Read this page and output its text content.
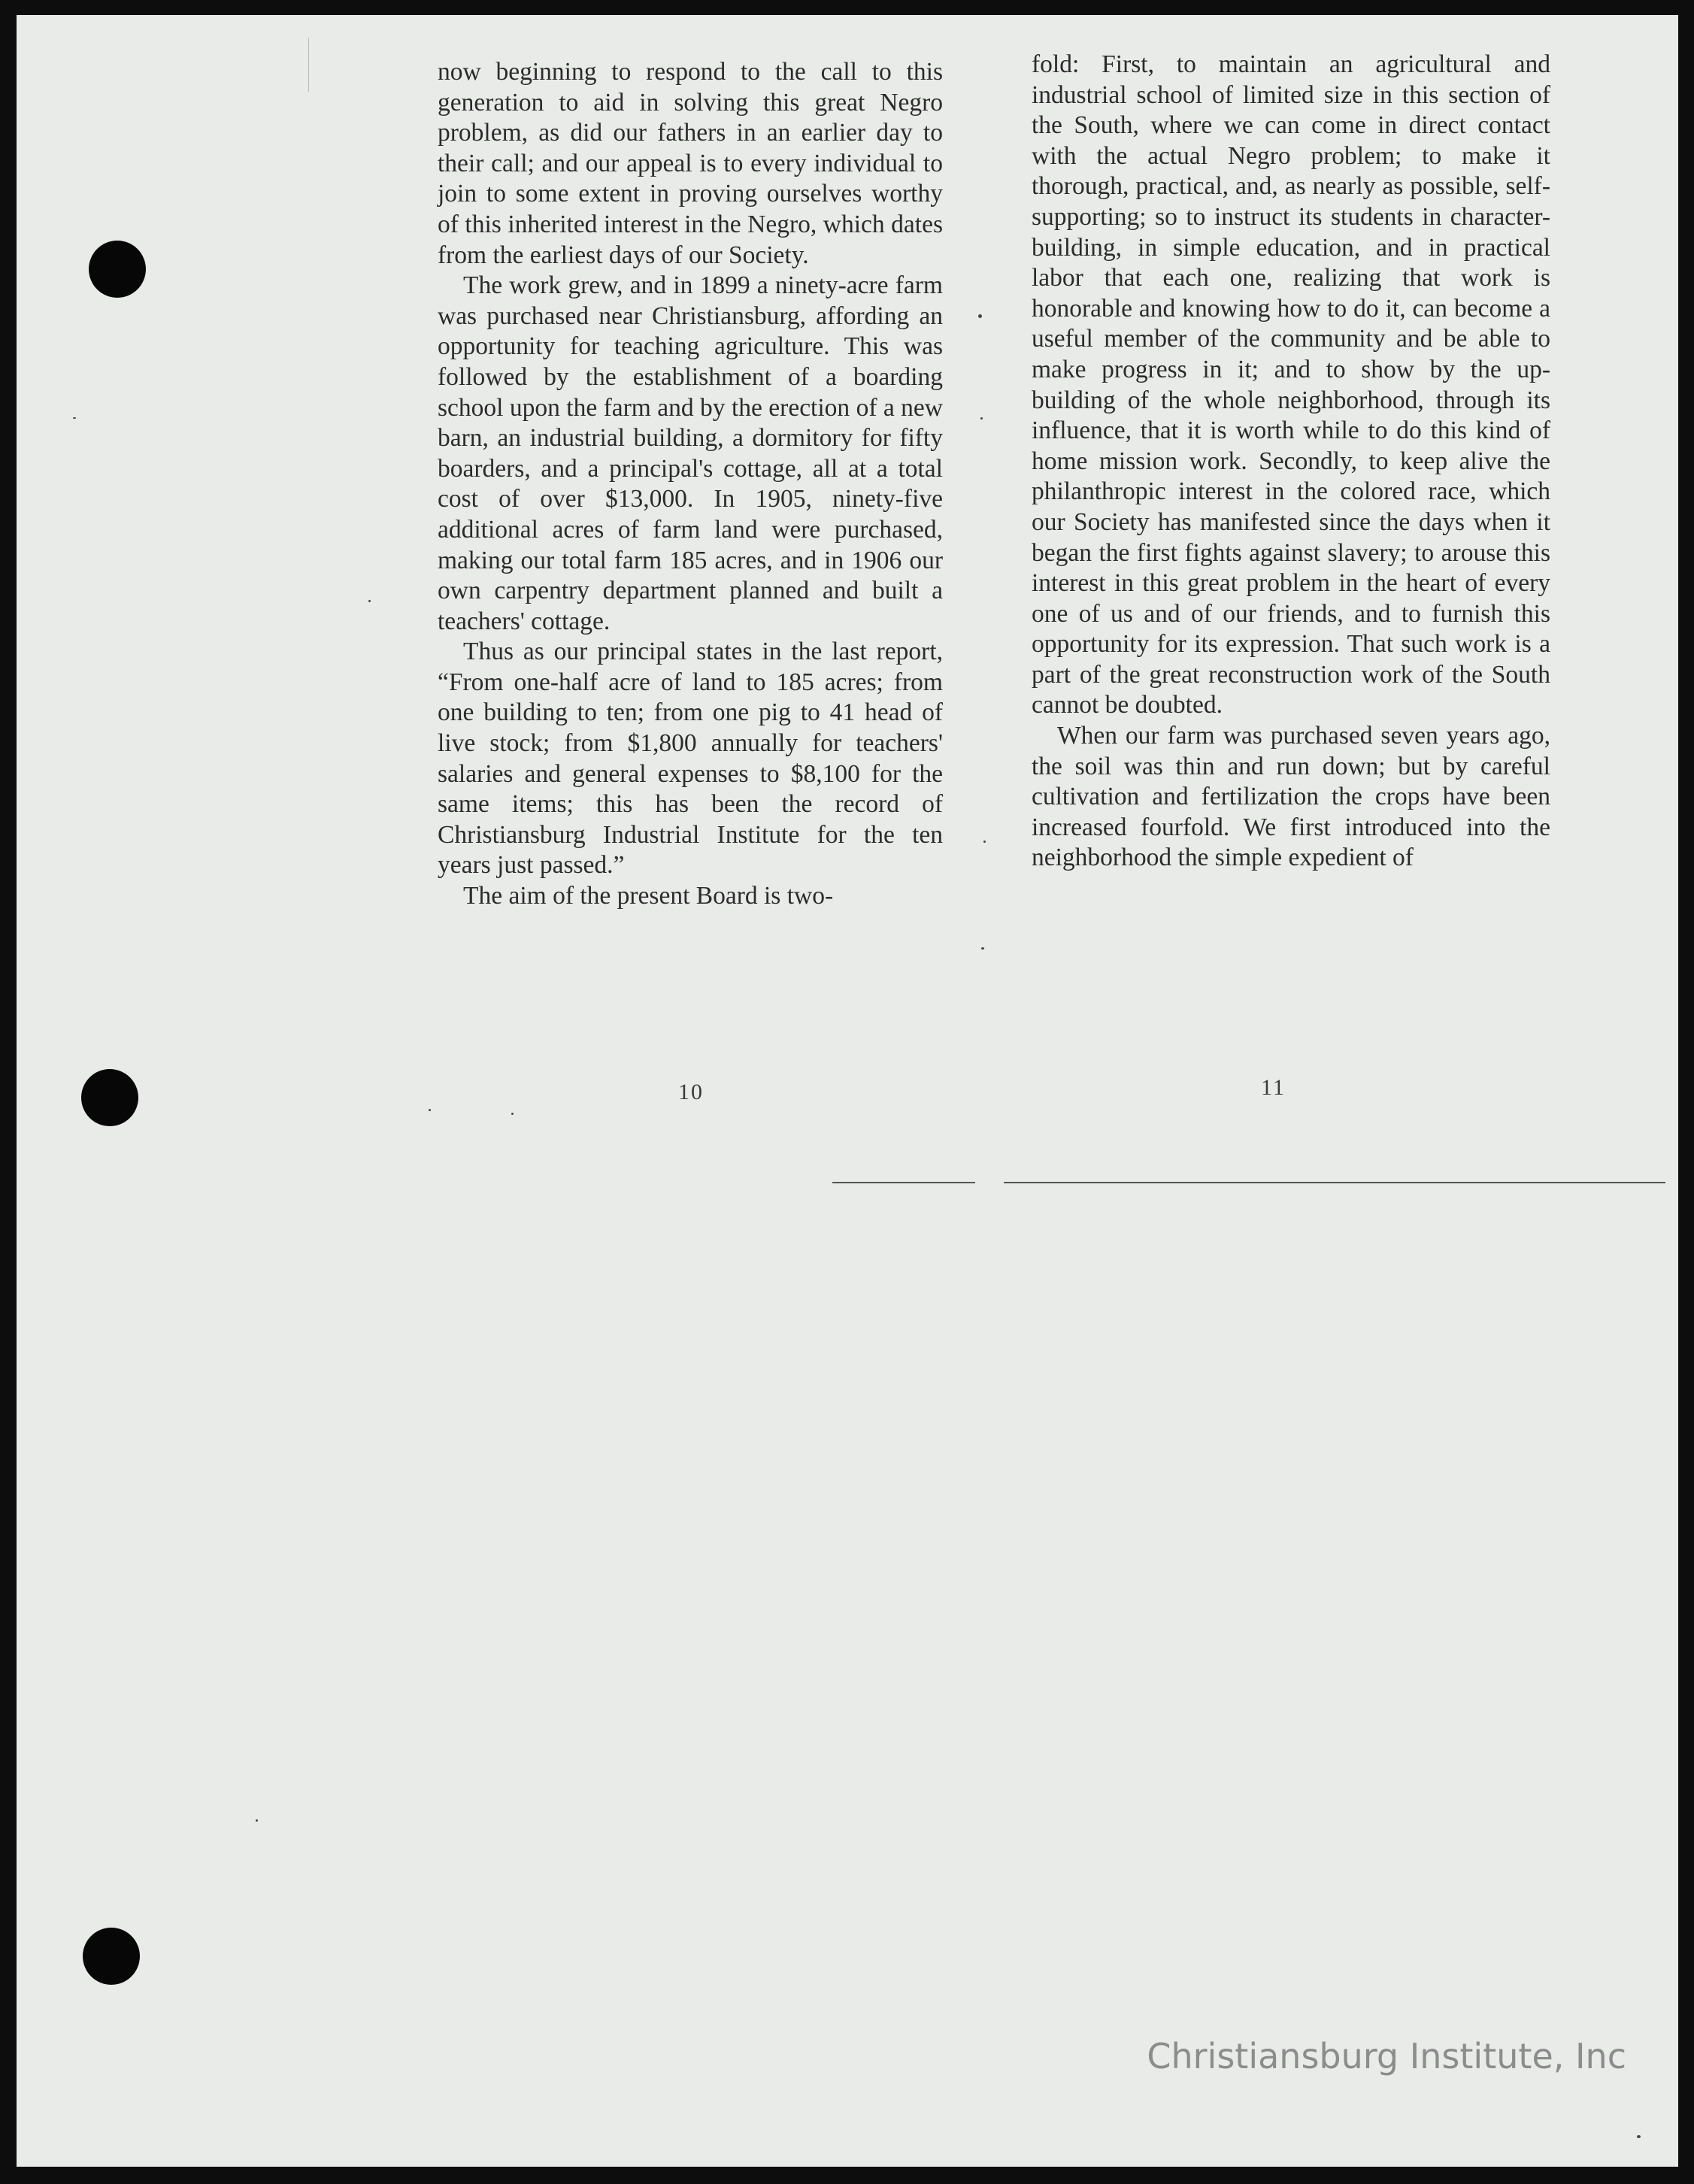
now beginning to respond to the call to this generation to aid in solving this great Negro problem, as did our fathers in an earlier day to their call; and our appeal is to every individual to join to some extent in proving ourselves worthy of this inherited interest in the Negro, which dates from the earliest days of our Society.

The work grew, and in 1899 a ninety-acre farm was purchased near Christiansburg, affording an opportunity for teaching agriculture. This was followed by the establishment of a boarding school upon the farm and by the erection of a new barn, an industrial building, a dormitory for fifty boarders, and a principal's cottage, all at a total cost of over $13,000. In 1905, ninety-five additional acres of farm land were purchased, making our total farm 185 acres, and in 1906 our own carpentry department planned and built a teachers' cottage.

Thus as our principal states in the last report, “From one-half acre of land to 185 acres; from one building to ten; from one pig to 41 head of live stock; from $1,800 annually for teachers' salaries and general expenses to $8,100 for the same items; this has been the record of Christiansburg Industrial Institute for the ten years just passed.”

The aim of the present Board is two-

10

fold: First, to maintain an agricultural and industrial school of limited size in this section of the South, where we can come in direct contact with the actual Negro problem; to make it thorough, practical, and, as nearly as possible, self-supporting; so to instruct its students in character-building, in simple education, and in practical labor that each one, realizing that work is honorable and knowing how to do it, can become a useful member of the community and be able to make progress in it; and to show by the up-building of the whole neighborhood, through its influence, that it is worth while to do this kind of home mission work. Secondly, to keep alive the philanthropic interest in the colored race, which our Society has manifested since the days when it began the first fights against slavery; to arouse this interest in this great problem in the heart of every one of us and of our friends, and to furnish this opportunity for its expression. That such work is a part of the great reconstruction work of the South cannot be doubted.

When our farm was purchased seven years ago, the soil was thin and run down; but by careful cultivation and fertilization the crops have been increased fourfold. We first introduced into the neighborhood the simple expedient of

11
Christiansburg Institute, Inc
